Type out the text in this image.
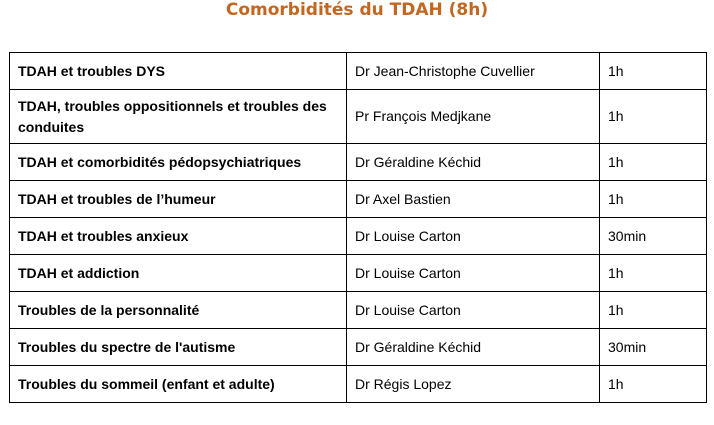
Comorbidités du TDAH (8h)
TDAH et troubles DYS	Dr Jean-Christophe Cuvellier	1h
TDAH, troubles oppositionnels et troubles des conduites	Pr François Medjkane	1h
TDAH et comorbidités pédopsychiatriques	Dr Géraldine Kéchid	1h
TDAH et troubles de l’humeur	Dr Axel Bastien	1h
TDAH et troubles anxieux	Dr Louise Carton	30min
TDAH et addiction	Dr Louise Carton	1h
Troubles de la personnalité	Dr Louise Carton	1h
Troubles du spectre de l'autisme	Dr Géraldine Kéchid	30min
Troubles du sommeil (enfant et adulte)	Dr Régis Lopez	1h
